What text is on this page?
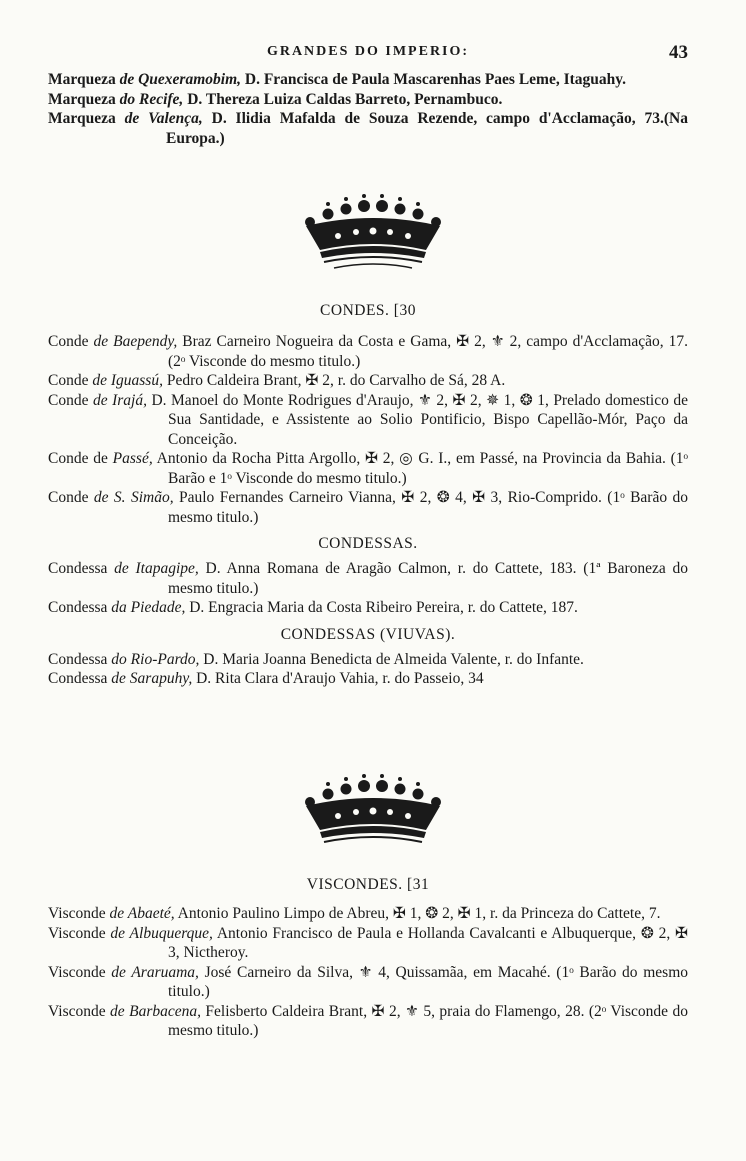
GRANDES DO IMPERIO:	43

Marqueza de Quexeramobim, D. Francisca de Paula Mascarenhas Paes Leme, Itaguahy.

Marqueza do Recife, D. Thereza Luiza Caldas Barreto, Pernambuco.

Marqueza de Valença, D. Ilidia Mafalda de Souza Rezende, campo d'Acclamação, 73.(Na Europa.)

CONDES. [30

Conde de Baependy, Braz Carneiro Nogueira da Costa e Gama, ✠ 2, ⚜ 2, campo d'Acclamação, 17. (2ᵒ Visconde do mesmo titulo.)

Conde de Iguassú, Pedro Caldeira Brant, ✠ 2, r. do Carvalho de Sá, 28 A.

Conde de Irajá, D. Manoel do Monte Rodrigues d'Araujo, ⚜ 2, ✠ 2, ✵ 1, ❂ 1, Prelado domestico de Sua Santidade, e Assistente ao Solio Pontificio, Bispo Capellão-Mór, Paço da Conceição.

Conde de Passé, Antonio da Rocha Pitta Argollo, ✠ 2, ◎ G. I., em Passé, na Provincia da Bahia. (1ᵒ Barão e 1ᵒ Visconde do mesmo titulo.)

Conde de S. Simão, Paulo Fernandes Carneiro Vianna, ✠ 2, ❂ 4, ✠ 3, Rio-Comprido. (1ᵒ Barão do mesmo titulo.)

CONDESSAS.

Condessa de Itapagipe, D. Anna Romana de Aragão Calmon, r. do Cattete, 183. (1ª Baroneza do mesmo titulo.)

Condessa da Piedade, D. Engracia Maria da Costa Ribeiro Pereira, r. do Cattete, 187.

CONDESSAS (VIUVAS).

Condessa do Rio-Pardo, D. Maria Joanna Benedicta de Almeida Valente, r. do Infante.

Condessa de Sarapuhy, D. Rita Clara d'Araujo Vahia, r. do Passeio, 34

VISCONDES. [31

Visconde de Abaeté, Antonio Paulino Limpo de Abreu, ✠ 1, ❂ 2, ✠ 1, r. da Princeza do Cattete, 7.

Visconde de Albuquerque, Antonio Francisco de Paula e Hollanda Cavalcanti e Albuquerque, ❂ 2, ✠ 3, Nictheroy.

Visconde de Araruama, José Carneiro da Silva, ⚜ 4, Quissamãa, em Macahé. (1ᵒ Barão do mesmo titulo.)

Visconde de Barbacena, Felisberto Caldeira Brant, ✠ 2, ⚜ 5, praia do Flamengo, 28. (2ᵒ Visconde do mesmo titulo.)
